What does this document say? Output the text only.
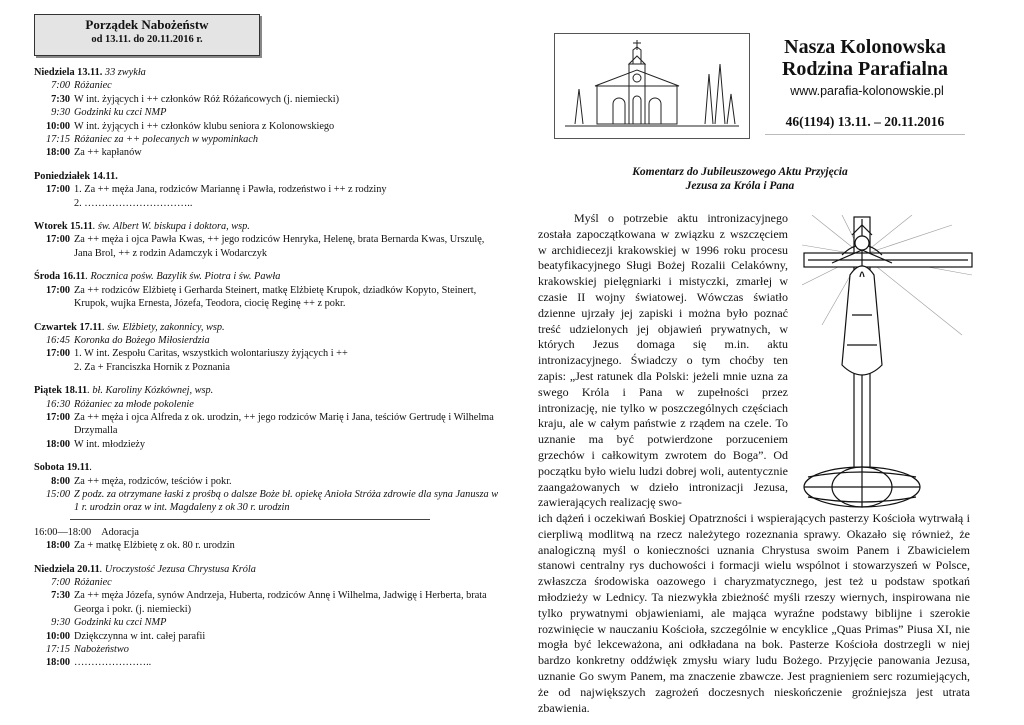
Porządek Nabożeństw
od 13.11. do 20.11.2016 r.
Niedziela 13.11. 33 zwykła
7:00 Różaniec
7:30 W int. żyjących i ++ członków Róż Różańcowych (j. niemiecki)
9:30 Godzinki ku czci NMP
10:00 W int. żyjących i ++ członków klubu seniora z Kolonowskiego
17:15 Różaniec za ++ polecanych w wypominkach
18:00 Za ++ kapłanów
Poniedziałek 14.11.
17:00 1. Za ++ męża Jana, rodziców Mariannę i Pawła, rodzeństwo i ++ z rodziny
2. …………………………..
Wtorek 15.11. św. Albert W. biskupa i doktora, wsp.
17:00 Za ++ męża i ojca Pawła Kwas, ++ jego rodziców Henryka, Helenę, brata Bernarda Kwas, Urszulę, Jana Brol, ++ z rodzin Adamczyk i Wodarczyk
Środa 16.11. Rocznica pośw. Bazylik św. Piotra i św. Pawła
17:00 Za ++ rodziców Elżbietę i Gerharda Steinert, matkę Elżbietę Krupok, dziadków Kopyto, Steinert, Krupok, wujka Ernesta, Józefa, Teodora, ciocię Reginę ++ z pokr.
Czwartek 17.11. św. Elżbiety, zakonnicy, wsp.
16:45 Koronka do Bożego Miłosierdzia
17:00 1. W int. Zespołu Caritas, wszystkich wolontariuszy żyjących i ++
2. Za + Franciszka Hornik z Poznania
Piątek 18.11. bł. Karoliny Kózkównej, wsp.
16:30 Różaniec za młode pokolenie
17:00 Za ++ męża i ojca Alfreda z ok. urodzin, ++ jego rodziców Marię i Jana, teściów Gertrudę i Wilhelma Drzymalla
18:00 W int. młodzieży
Sobota 19.11.
8:00 Za ++ męża, rodziców, teściów i pokr.
15:00 Z podz. za otrzymane łaski z prośbą o dalsze Boże bł. opiekę Anioła Stróża zdrowie dla syna Janusza w 1 r. urodzin oraz w int. Magdaleny z ok 30 r. urodzin
16:00—18:00 Adoracja
18:00 Za + matkę Elżbietę z ok. 80 r. urodzin
Niedziela 20.11. Uroczystość Jezusa Chrystusa Króla
7:00 Różaniec
7:30 Za ++ męża Józefa, synów Andrzeja, Huberta, rodziców Annę i Wilhelma, Jadwigę i Herberta, brata Georga i pokr. (j. niemiecki)
9:30 Godzinki ku czci NMP
10:00 Dziękczynna w int. całej parafii
17:15 Nabożeństwo
18:00 …………………..
Nasza Kolonowska
Rodzina Parafialna
www.parafia-kolonowskie.pl
46(1194) 13.11. – 20.11.2016
Komentarz do Jubileuszowego Aktu Przyjęcia
Jezusa za Króla i Pana
Myśl o potrzebie aktu intronizacyjnego została zapoczątkowana w związku z wszczęciem w archidiecezji krakowskiej w 1996 roku procesu beatyfikacyjnego Sługi Bożej Rozalii Celakówny, krakowskiej pielęgniarki i mistyczki, zmarłej w czasie II wojny światowej. Wówczas światło dzienne ujrzały jej zapiski i można było poznać treść udzielonych jej objawień prywatnych, w których Jezus domaga się m.in. aktu intronizacyjnego. Świadczy o tym choćby ten zapis: „Jest ratunek dla Polski: jeżeli mnie uzna za swego Króla i Pana w zupełności przez intronizację, nie tylko w poszczególnych częściach kraju, ale w całym państwie z rządem na czele. To uznanie ma być potwierdzone porzuceniem grzechów i całkowitym zwrotem do Boga”. Od początku było wielu ludzi dobrej woli, autentycznie zaangażowanych w dzieło intronizacji Jezusa, zawierających realizację swo-
ich dążeń i oczekiwań Boskiej Opatrzności i wspierających pasterzy Kościoła wytrwałą i cierpliwą modlitwą na rzecz należytego rozeznania sprawy. Okazało się również, że analogiczną myśl o konieczności uznania Chrystusa swoim Panem i Zbawicielem stanowi centralny rys duchowości i formacji wielu wspólnot i stowarzyszeń w Polsce, zwłaszcza środowiska oazowego i charyzmatycznego, jest też u podstaw spotkań młodzieży w Lednicy. Ta niezwykła zbieżność myśli rzeszy wiernych, inspirowana nie tylko prywatnymi objawieniami, ale mająca wyraźne podstawy biblijne i szerokie rozwinięcie w nauczaniu Kościoła, szczególnie w encyklice „Quas Primas” Piusa XI, nie mogła być lekceważona, ani odkładana na bok. Pasterze Kościoła dostrzegli w niej bardzo konkretny oddźwięk zmysłu wiary ludu Bożego. Przyjęcie panowania Jezusa, uznanie Go swym Panem, ma znaczenie zbawcze. Jest pragnieniem serc rozumiejących, że od największych zagrożeń doczesnych nieskończenie groźniejsza jest utrata zbawienia.
